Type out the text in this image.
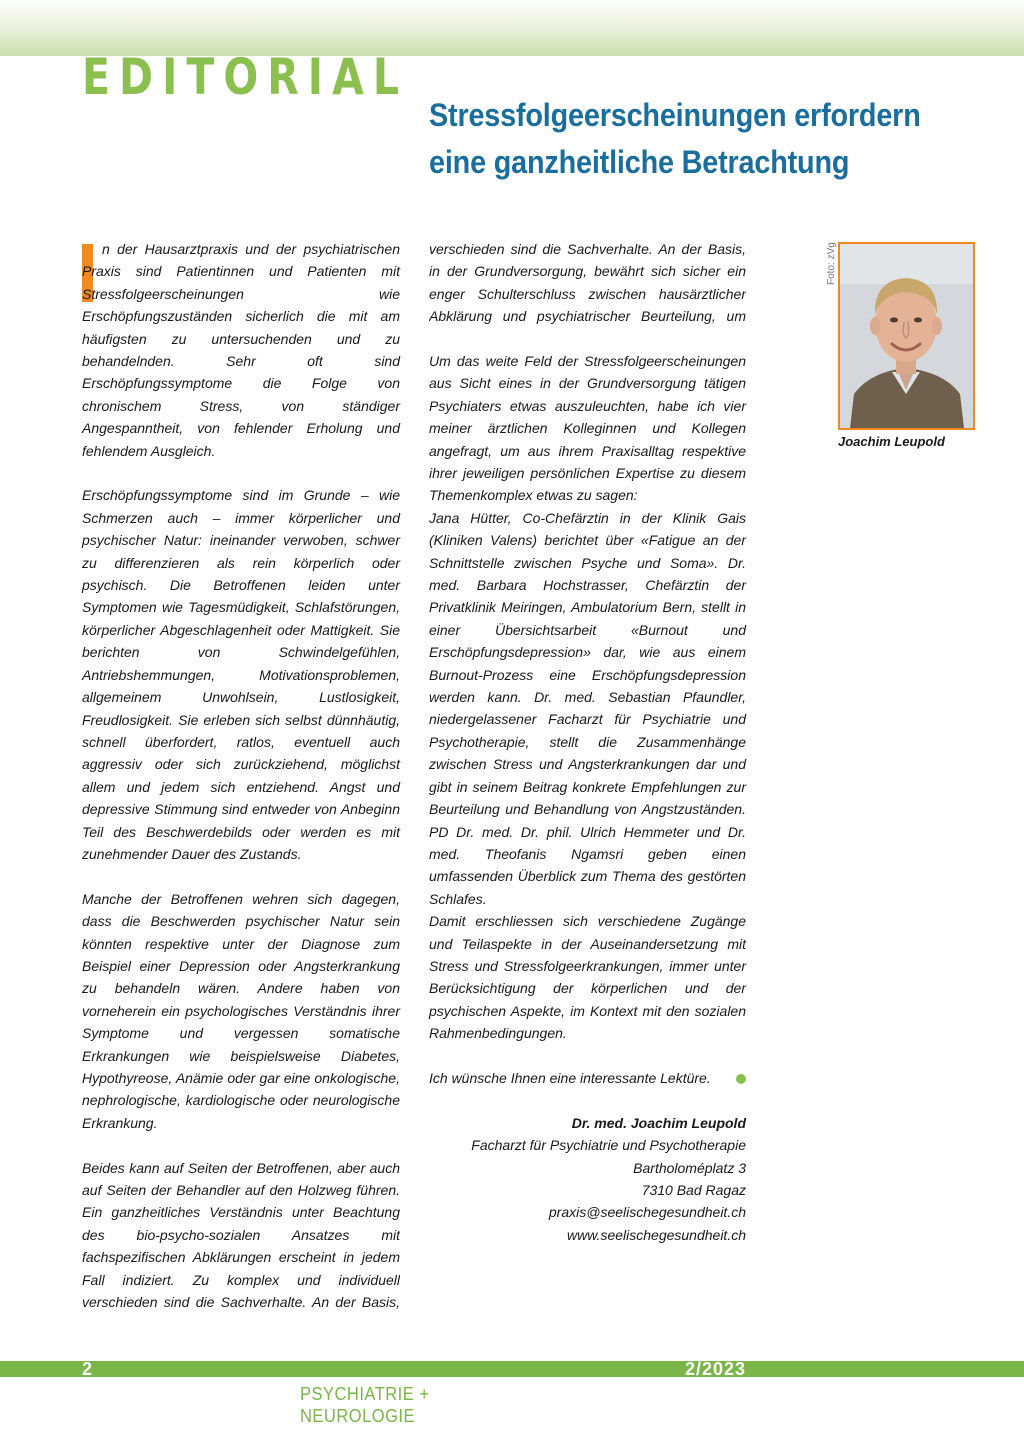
EDITORIAL
Stressfolgeerscheinungen erfordern
eine ganzheitliche Betrachtung

n der Hausarztpraxis und der psychiatrischen Praxis sind Patientinnen und Patienten mit Stressfolgeerscheinungen wie Erschöpfungszuständen sicherlich die mit am häufigsten zu untersuchenden und zu behandelnden. Sehr oft sind Erschöpfungssymptome die Folge von chronischem Stress, von ständiger Angespanntheit, von fehlender Erholung und fehlendem Ausgleich.

Erschöpfungssymptome sind im Grunde – wie Schmerzen auch – immer körperlicher und psychischer Natur: ineinander verwoben, schwer zu differenzieren als rein körperlich oder psychisch. Die Betroffenen leiden unter Symptomen wie Tagesmüdigkeit, Schlafstörungen, körperlicher Abgeschlagenheit oder Mattigkeit. Sie berichten von Schwindelgefühlen, Antriebshemmungen, Motivationsproblemen, allgemeinem Unwohlsein, Lustlosigkeit, Freudlosigkeit. Sie erleben sich selbst dünnhäutig, schnell überfordert, ratlos, eventuell auch aggressiv oder sich zurückziehend, möglichst allem und jedem sich entziehend. Angst und depressive Stimmung sind entweder von Anbeginn Teil des Beschwerdebilds oder werden es mit zunehmender Dauer des Zustands.

Manche der Betroffenen wehren sich dagegen, dass die Beschwerden psychischer Natur sein könnten respektive unter der Diagnose zum Beispiel einer Depression oder Angsterkrankung zu behandeln wären. Andere haben von vorneherein ein psychologisches Verständnis ihrer Symptome und vergessen somatische Erkrankungen wie beispielsweise Diabetes, Hypothyreose, Anämie oder gar eine onkologische, nephrologische, kardiologische oder neurologische Erkrankung.

Beides kann auf Seiten der Betroffenen, aber auch auf Seiten der Behandler auf den Holzweg führen. Ein ganzheitliches Verständnis unter Beachtung des bio-psycho-sozialen Ansatzes mit fachspezifischen Abklärungen erscheint in jedem Fall indiziert. Zu komplex und individuell verschieden sind die Sachverhalte. An der Basis,

verschieden sind die Sachverhalte. An der Basis, in der Grundversorgung, bewährt sich sicher ein enger Schulterschluss zwischen hausärztlicher Abklärung und psychiatrischer Beurteilung, um

Um das weite Feld der Stressfolgeerscheinungen aus Sicht eines in der Grundversorgung tätigen Psychiaters etwas auszuleuchten, habe ich vier meiner ärztlichen Kolleginnen und Kollegen angefragt, um aus ihrem Praxisalltag respektive ihrer jeweiligen persönlichen Expertise zu diesem Themenkomplex etwas zu sagen:

Jana Hütter, Co-Chefärztin in der Klinik Gais (Kliniken Valens) berichtet über «Fatigue an der Schnittstelle zwischen Psyche und Soma». Dr. med. Barbara Hochstrasser, Chefärztin der Privatklinik Meiringen, Ambulatorium Bern, stellt in einer Übersichtsarbeit «Burnout und Erschöpfungsdepression» dar, wie aus einem Burnout-Prozess eine Erschöpfungsdepression werden kann. Dr. med. Sebastian Pfaundler, niedergelassener Facharzt für Psychiatrie und Psychotherapie, stellt die Zusammenhänge zwischen Stress und Angsterkrankungen dar und gibt in seinem Beitrag konkrete Empfehlungen zur Beurteilung und Behandlung von Angstzuständen. PD Dr. med. Dr. phil. Ulrich Hemmeter und Dr. med. Theofanis Ngamsri geben einen umfassenden Überblick zum Thema des gestörten Schlafes.

Damit erschliessen sich verschiedene Zugänge und Teilaspekte in der Auseinandersetzung mit Stress und Stressfolgeerkrankungen, immer unter Berücksichtigung der körperlichen und der psychischen Aspekte, im Kontext mit den sozialen Rahmenbedingungen.

Ich wünsche Ihnen eine interessante Lektüre.

Dr. med. Joachim Leupold
Facharzt für Psychiatrie und Psychotherapie
Bartholoméplatz 3
7310 Bad Ragaz
praxis@seelischegesundheit.ch
www.seelischegesundheit.ch
Foto: zVg
Joachim Leupold
2	2/2023
PSYCHIATRIE + NEUROLOGIE
